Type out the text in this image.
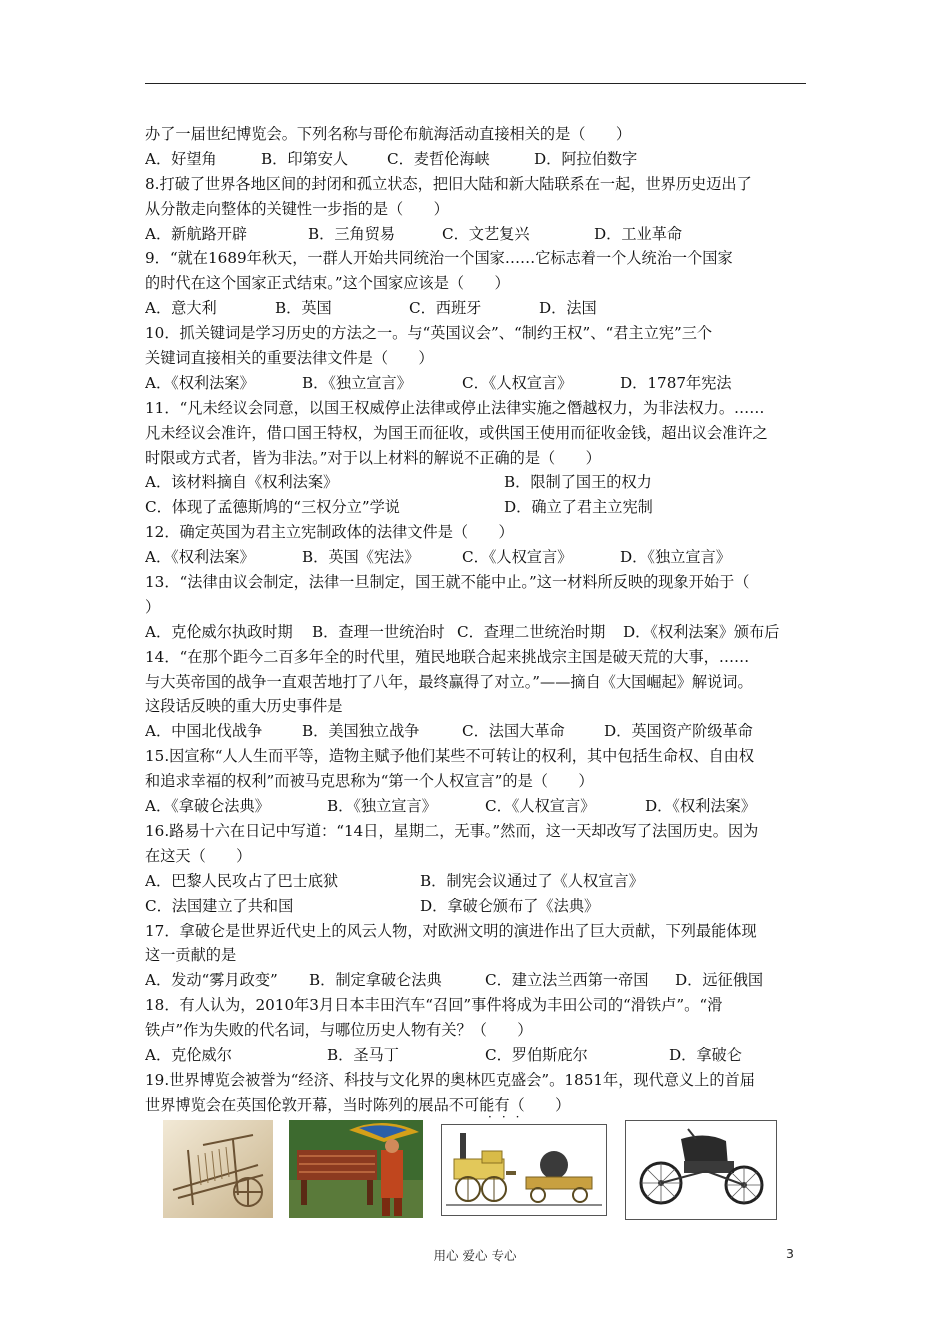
办了一届世纪博览会。下列名称与哥伦布航海活动直接相关的是（　　）
A．好望角	B．印第安人	C．麦哲伦海峡	D．阿拉伯数字
8.打破了世界各地区间的封闭和孤立状态，把旧大陆和新大陆联系在一起，世界历史迈出了
从分散走向整体的关键性一步指的是（　　）
A．新航路开辟	B．三角贸易	C．文艺复兴	D．工业革命
9．“就在1689年秋天，一群人开始共同统治一个国家……它标志着一个人统治一个国家
的时代在这个国家正式结束。”这个国家应该是（　　）
A．意大利	B．英国	C．西班牙	D．法国
10．抓关键词是学习历史的方法之一。与“英国议会”、“制约王权”、“君主立宪”三个
关键词直接相关的重要法律文件是（　　）
A．《权利法案》	B．《独立宣言》	C．《人权宣言》	D．1787年宪法
11．“凡未经议会同意，以国王权威停止法律或停止法律实施之僭越权力，为非法权力。……
凡未经议会准许，借口国王特权，为国王而征收，或供国王使用而征收金钱，超出议会准许之
时限或方式者，皆为非法。”对于以上材料的解说不正确的是（　　）
A．该材料摘自《权利法案》	B．限制了国王的权力
C．体现了孟德斯鸠的“三权分立”学说	D．确立了君主立宪制
12．确定英国为君主立宪制政体的法律文件是（　　）
A．《权利法案》	B．英国《宪法》	C．《人权宣言》	D．《独立宣言》
13．“法律由议会制定，法律一旦制定，国王就不能中止。”这一材料所反映的现象开始于（
）
A．克伦威尔执政时期	B．查理一世统治时 C．查理二世统治时期	D．《权利法案》颁布后
14．“在那个距今二百多年全的时代里，殖民地联合起来挑战宗主国是破天荒的大事，……
与大英帝国的战争一直艰苦地打了八年，最终赢得了对立。”——摘自《大国崛起》解说词。
这段话反映的重大历史事件是
A．中国北伐战争	B．美国独立战争	C．法国大革命	D．英国资产阶级革命
15.因宣称“人人生而平等，造物主赋予他们某些不可转让的权利，其中包括生命权、自由权
和追求幸福的权利”而被马克思称为“第一个人权宣言”的是（　　）
A．《拿破仑法典》	B．《独立宣言》	C．《人权宣言》	D．《权利法案》
16.路易十六在日记中写道：“14日，星期二，无事。”然而，这一天却改写了法国历史。因为
在这天（　　）
A．巴黎人民攻占了巴士底狱	B．制宪会议通过了《人权宣言》
C．法国建立了共和国	D．拿破仑颁布了《法典》
17．拿破仑是世界近代史上的风云人物，对欧洲文明的演进作出了巨大贡献，下列最能体现
这一贡献的是
A．发动“雾月政变”	B．制定拿破仑法典	C．建立法兰西第一帝国	D．远征俄国
18．有人认为，2010年3月日本丰田汽车“召回”事件将成为丰田公司的“滑铁卢”。“滑
铁卢”作为失败的代名词，与哪位历史人物有关？（　　）
A．克伦威尔	B．圣马丁	C．罗伯斯庇尔	D．拿破仑
19.世界博览会被誉为“经济、科技与文化界的奥林匹克盛会”。1851年，现代意义上的首届
世界博览会在英国伦敦开幕，当时陈列的展品不可能有（　　）
···
用心 爱心 专心	3
